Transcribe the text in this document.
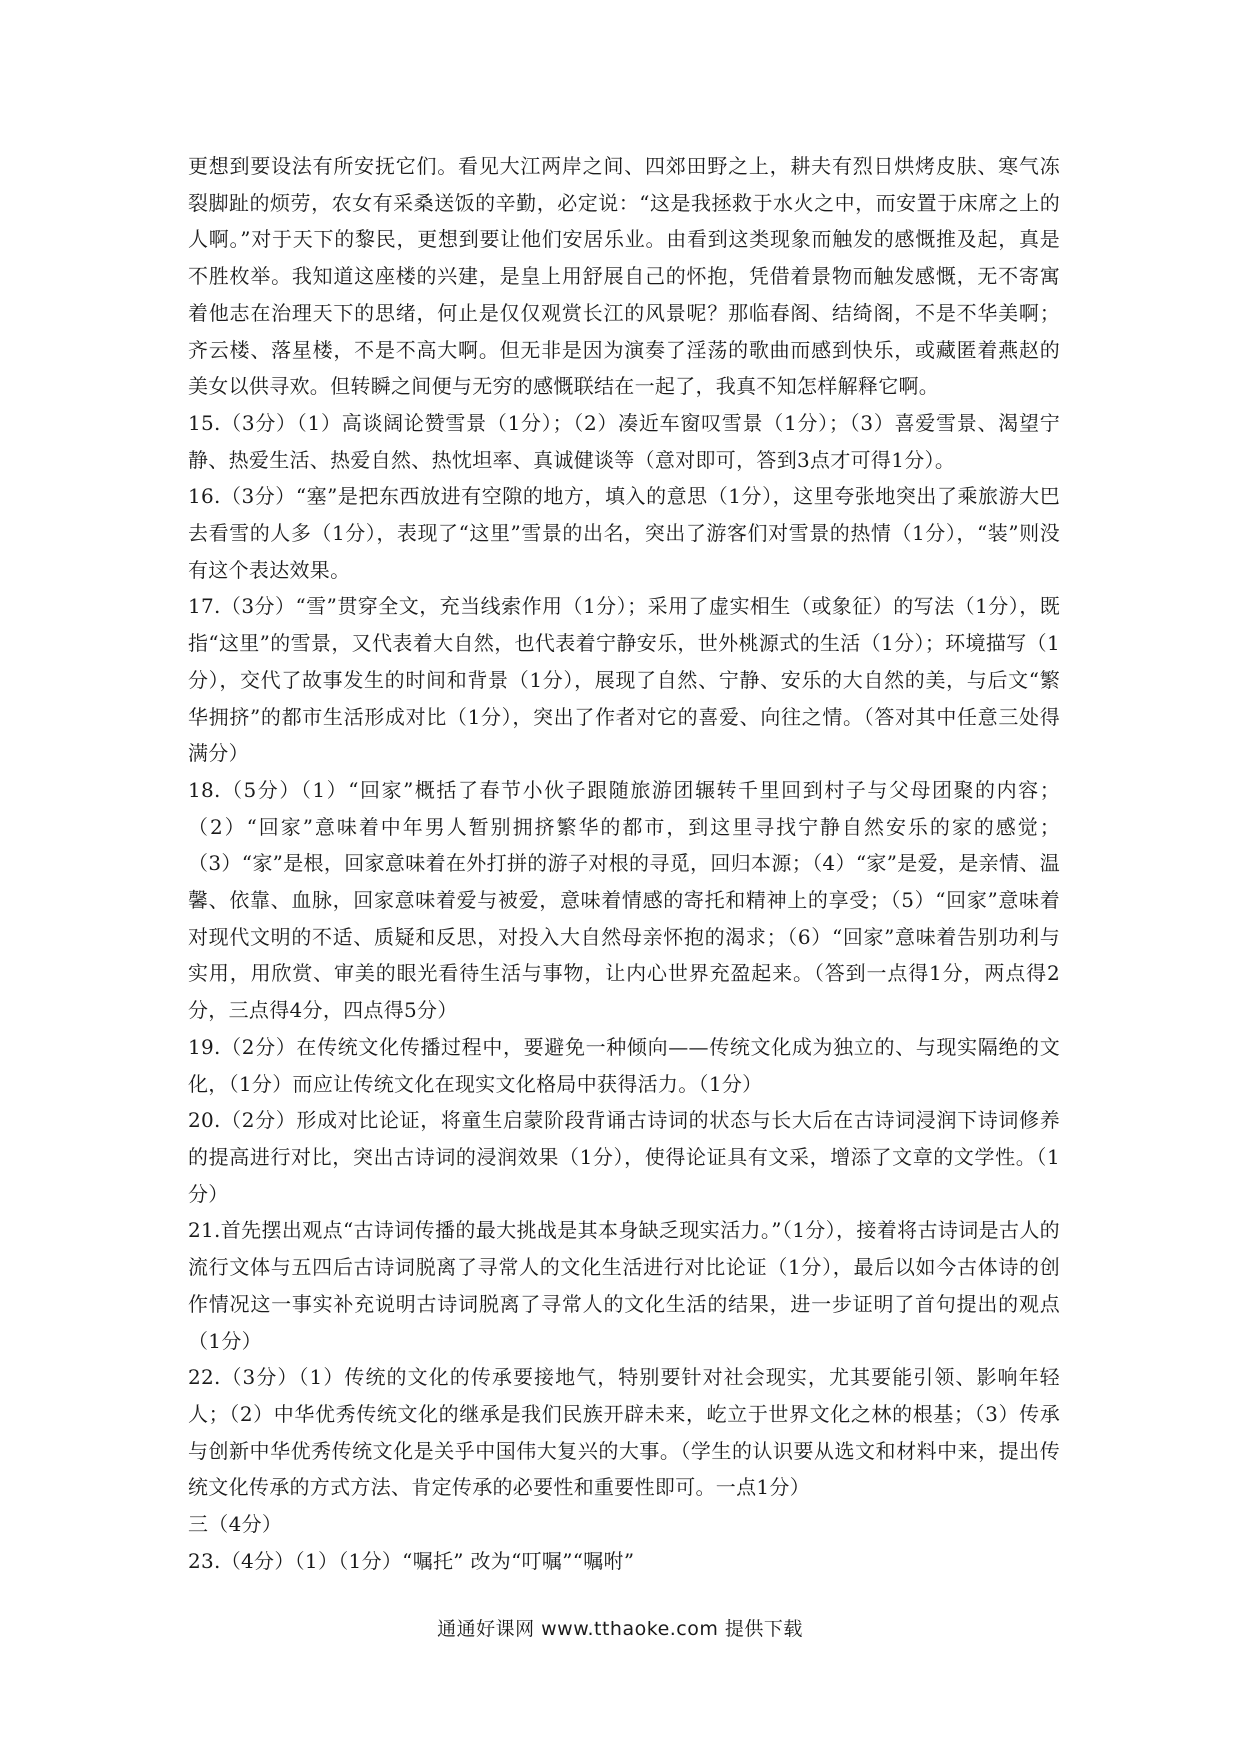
更想到要设法有所安抚它们。看见大江两岸之间、四郊田野之上，耕夫有烈日烘烤皮肤、寒气冻裂脚趾的烦劳，农女有采桑送饭的辛勤，必定说：“这是我拯救于水火之中，而安置于床席之上的人啊。”对于天下的黎民，更想到要让他们安居乐业。由看到这类现象而触发的感慨推及起，真是不胜枚举。我知道这座楼的兴建，是皇上用舒展自己的怀抱，凭借着景物而触发感慨，无不寄寓着他志在治理天下的思绪，何止是仅仅观赏长江的风景呢？那临春阁、结绮阁，不是不华美啊；齐云楼、落星楼，不是不高大啊。但无非是因为演奏了淫荡的歌曲而感到快乐，或藏匿着燕赵的美女以供寻欢。但转瞬之间便与无穷的感慨联结在一起了，我真不知怎样解释它啊。

15.（3分）（1）高谈阔论赞雪景（1分）；（2）凑近车窗叹雪景（1分）；（3）喜爱雪景、渴望宁静、热爱生活、热爱自然、热忱坦率、真诚健谈等（意对即可，答到3点才可得1分）。

16.（3分）“塞”是把东西放进有空隙的地方，填入的意思（1分），这里夸张地突出了乘旅游大巴去看雪的人多（1分），表现了“这里”雪景的出名，突出了游客们对雪景的热情（1分），“装”则没有这个表达效果。

17.（3分）“雪”贯穿全文，充当线索作用（1分）；采用了虚实相生（或象征）的写法（1分），既指“这里”的雪景，又代表着大自然，也代表着宁静安乐，世外桃源式的生活（1分）；环境描写（1分），交代了故事发生的时间和背景（1分），展现了自然、宁静、安乐的大自然的美，与后文“繁华拥挤”的都市生活形成对比（1分），突出了作者对它的喜爱、向往之情。（答对其中任意三处得满分）

18.（5分）（1）“回家”概括了春节小伙子跟随旅游团辗转千里回到村子与父母团聚的内容；（2）“回家”意味着中年男人暂别拥挤繁华的都市，到这里寻找宁静自然安乐的家的感觉；（3）“家”是根，回家意味着在外打拼的游子对根的寻觅，回归本源；（4）“家”是爱，是亲情、温馨、依靠、血脉，回家意味着爱与被爱，意味着情感的寄托和精神上的享受；（5）“回家”意味着对现代文明的不适、质疑和反思，对投入大自然母亲怀抱的渴求；（6）“回家”意味着告别功利与实用，用欣赏、审美的眼光看待生活与事物，让内心世界充盈起来。（答到一点得1分，两点得2分，三点得4分，四点得5分）

19.（2分）在传统文化传播过程中，要避免一种倾向——传统文化成为独立的、与现实隔绝的文化，（1分）而应让传统文化在现实文化格局中获得活力。（1分）

20.（2分）形成对比论证，将童生启蒙阶段背诵古诗词的状态与长大后在古诗词浸润下诗词修养的提高进行对比，突出古诗词的浸润效果（1分），使得论证具有文采，增添了文章的文学性。（1分）

21.首先摆出观点“古诗词传播的最大挑战是其本身缺乏现实活力。”（1分），接着将古诗词是古人的流行文体与五四后古诗词脱离了寻常人的文化生活进行对比论证（1分），最后以如今古体诗的创作情况这一事实补充说明古诗词脱离了寻常人的文化生活的结果，进一步证明了首句提出的观点（1分）

22.（3分）（1）传统的文化的传承要接地气，特别要针对社会现实，尤其要能引领、影响年轻人；（2）中华优秀传统文化的继承是我们民族开辟未来，屹立于世界文化之林的根基；（3）传承与创新中华优秀传统文化是关乎中国伟大复兴的大事。（学生的认识要从选文和材料中来，提出传统文化传承的方式方法、肯定传承的必要性和重要性即可。一点1分）

三（4分）

23.（4分）（1）（1分）“嘱托” 改为“叮嘱”“嘱咐”

通通好课网 www.tthaoke.com 提供下载
